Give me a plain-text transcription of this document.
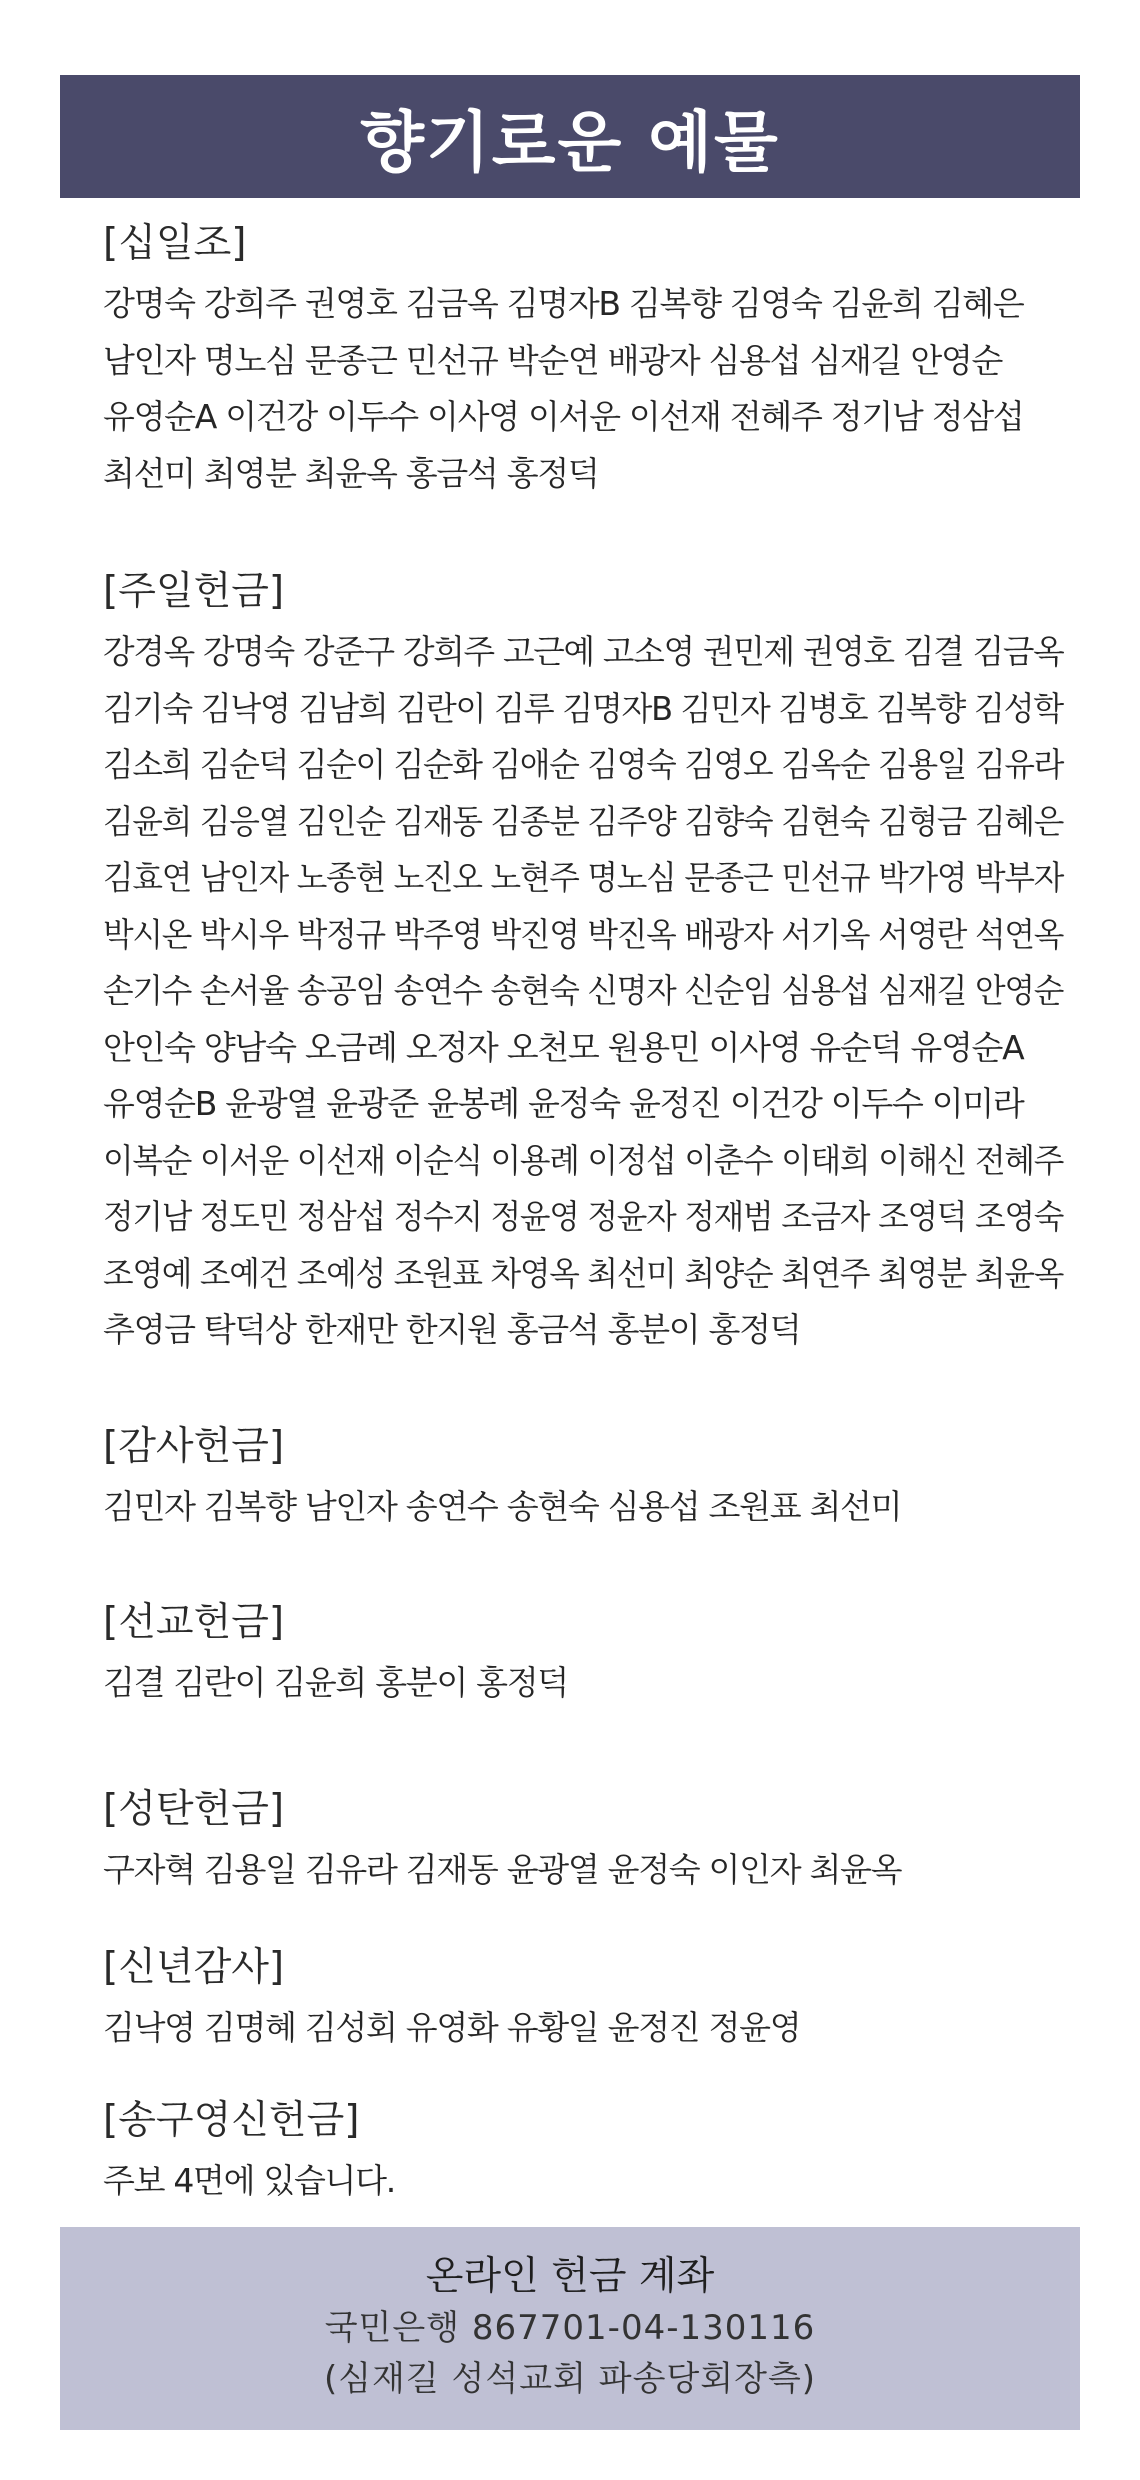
향기로운 예물
[십일조]
강명숙 강희주 권영호 김금옥 김명자B 김복향 김영숙 김윤희 김혜은
남인자 명노심 문종근 민선규 박순연 배광자 심용섭 심재길 안영순
유영순A 이건강 이두수 이사영 이서운 이선재 전혜주 정기남 정삼섭
최선미 최영분 최윤옥 홍금석 홍정덕
[주일헌금]
강경옥 강명숙 강준구 강희주 고근예 고소영 권민제 권영호 김결 김금옥
김기숙 김낙영 김남희 김란이 김루 김명자B 김민자 김병호 김복향 김성학
김소희 김순덕 김순이 김순화 김애순 김영숙 김영오 김옥순 김용일 김유라
김윤희 김응열 김인순 김재동 김종분 김주양 김향숙 김현숙 김형금 김혜은
김효연 남인자 노종현 노진오 노현주 명노심 문종근 민선규 박가영 박부자
박시온 박시우 박정규 박주영 박진영 박진옥 배광자 서기옥 서영란 석연옥
손기수 손서율 송공임 송연수 송현숙 신명자 신순임 심용섭 심재길 안영순
안인숙 양남숙 오금례 오정자 오천모 원용민 이사영 유순덕 유영순A
유영순B 윤광열 윤광준 윤봉례 윤정숙 윤정진 이건강 이두수 이미라
이복순 이서운 이선재 이순식 이용례 이정섭 이춘수 이태희 이해신 전혜주
정기남 정도민 정삼섭 정수지 정윤영 정윤자 정재범 조금자 조영덕 조영숙
조영예 조예건 조예성 조원표 차영옥 최선미 최양순 최연주 최영분 최윤옥
추영금 탁덕상 한재만 한지원 홍금석 홍분이 홍정덕
[감사헌금]
김민자 김복향 남인자 송연수 송현숙 심용섭 조원표 최선미
[선교헌금]
김결 김란이 김윤희 홍분이 홍정덕
[성탄헌금]
구자혁 김용일 김유라 김재동 윤광열 윤정숙 이인자 최윤옥
[신년감사]
김낙영 김명혜 김성회 유영화 유황일 윤정진 정윤영
[송구영신헌금]
주보 4면에 있습니다.
온라인 헌금 계좌
국민은행 867701-04-130116
(심재길 성석교회 파송당회장측)
